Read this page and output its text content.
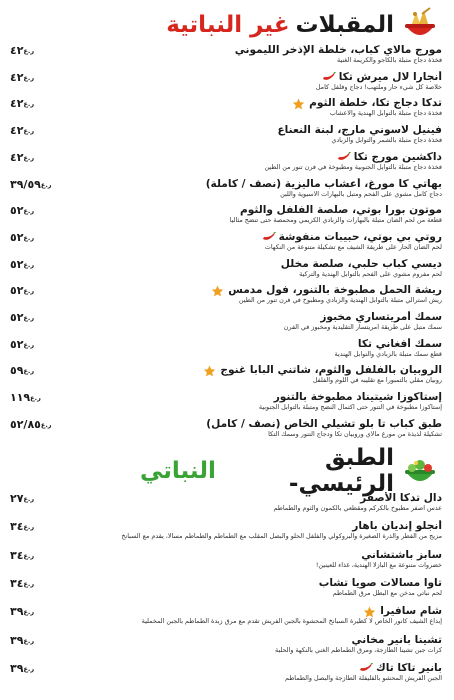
المقبلات
غير النباتية
ر.ع٤٢	مورج مالاي كباب، خلطة الإذخر الليموني
فخذة دجاج متبلة بالكاجو والكريمة الغنية
ر.ع٤٢	أنجارا لال ميرش تكا
خلاصة كل شيء حار وملتهب! دجاج وفلفل كامل
ر.ع٤٢	تدكا دجاج تكا، خلطة الثوم
فخذة دجاج متبلة بالتوابل الهندية والأعشاب
ر.ع٤٢	فينيل لاسوني مارج، لبنة النعناع
فخذة دجاج متبلة بالشمر والتوابل والزبادي
ر.ع٤٢	داكشين مورج تكا
فخذة دجاج متبلة بالتوابل الجنوبية ومطبوخة في فرن تنور من الطين
ر.ع٣٩/٥٩	بهاتي كا مورغ، أعشاب ماليزية (نصف / كاملة)
دجاج كامل مشوي على الفحم ومتبل بالبهارات الآسيوية واللبن
ر.ع٥٢	موتون بورا بوتي، صلصة الفلفل والثوم
قطعة من لحم الضأن متبلة بالبهارات والزبادي الكريمي ومحمصة حتى تنضج مثالياً
ر.ع٥٢	روتي بي بوتي، حبيبات منفوشة
لحم الضأن الحار على طريقة الشيف مع تشكيلة متنوعة من النكهات
ر.ع٥٢	ديسي كباب حلبي، صلصة مخلل
لحم مفروم مشوي على الفحم بالتوابل الهندية والتركية
ر.ع٥٢	ريشة الحمل مطبوخة بالتنور، فول مدمس
ريش استرالي متبلة بالتوابل الهندية والزبادي ومطبوخ في فرن تنور من الطين
ر.ع٥٢	سمك أمريتساري مخبوز
سمك متبل على طريقة أمريتسار التقليدية ومخبوز في الفرن
ر.ع٥٢	سمك أفغاني تكا
قطع سمك متبلة بالزبادي والتوابل الهندية
ر.ع٥٩	الروبيان بالفلفل والثوم، شاتني البابا غنوج
روبيان مقلي بالتمبورا مع تقليبه في اللوم والفلفل
ر.ع١١٩	إستاكوزا شيتيناد مطبوخة بالتنور
إستاكوزا مطبوخة في التنور حتى اكتمال النضج ومتبلة بالتوابل الجنوبية
ر.ع٥٢/٨٥	طبق كباب تا بلو تشيلي الخاص (نصف / كامل)
تشكيلة لذيذة من مورغ مالاي وروبيان تكا ودجاج التنور وسمك التكا
الطبق الرئيسي-
النباتي
ر.ع٢٧	دال تدكا الأصفر
عدس أصفر مطبوخ بالكركم ومقطعي بالكمون والثوم والطماطم
ر.ع٣٤	أنجلو إنديان باهار
مزيج من الفطر والذرة الصغيرة والبروكولي والفلفل الحلو والبصل المقلب مع الطماطم والطماطم مسالا، يقدم مع السبانخ
ر.ع٣٤	سابز باشتشاني
خضروات متنوعة مع البازلا الهندية، غذاء للعينين!
ر.ع٣٤	تاوا مسالات صويا تشاب
لحم نباتي مدخن مع البطل مرق الطماطم
ر.ع٣٩	شام سافيرا
إبداع الشيف كانور الخاص لا كظيرة السبانخ المحشوة بالجبن الفريش تقدم مع مرق زبدة الطماطم بالجبن المخملية
ر.ع٣٩	تشينا بانير مخاني
كرات جبن تشينا الطازجة، ومرق الطماطم الغني بالنكهة والحلبة
ر.ع٣٩	بانير تاكا تاك
الجبن الفريش المحشو بالفليفلة الطازجة والبصل والطماطم
